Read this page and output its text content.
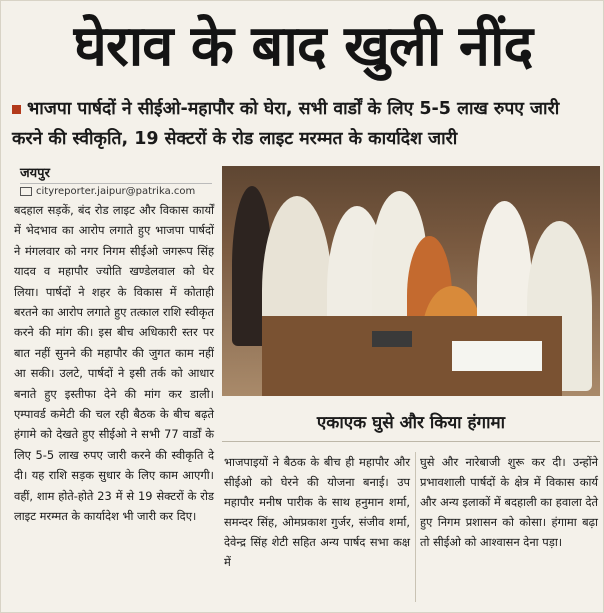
घेराव के बाद खुली नींद
भाजपा पार्षदों ने सीईओ-महापौर को घेरा, सभी वार्डों के लिए 5-5 लाख रुपए जारी करने की स्वीकृति, 19 सेक्टरों के रोड लाइट मरम्मत के कार्यादेश जारी
जयपुर
cityreporter.jaipur@patrika.com

बदहाल सड़कें, बंद रोड लाइट और विकास कार्यों में भेदभाव का आरोप लगाते हुए भाजपा पार्षदों ने मंगलवार को नगर निगम सीईओ जगरूप सिंह यादव व महापौर ज्योति खण्डेलवाल को घेर लिया। पार्षदों ने शहर के विकास में कोताही बरतने का आरोप लगाते हुए तत्काल राशि स्वीकृत करने की मांग की। इस बीच अधिकारी स्तर पर बात नहीं सुनने की महापौर की जुगत काम नहीं आ सकी। उलटे, पार्षदों ने इसी तर्क को आधार बनाते हुए इस्तीफा देने की मांग कर डाली। एम्पावर्ड कमेटी की चल रही बैठक के बीच बढ़ते हंगामे को देखते हुए सीईओ ने सभी 77 वार्डों के लिए 5-5 लाख रुपए जारी करने की स्वीकृति दे दी। यह राशि सड़क सुधार के लिए काम आएगी। वहीं, शाम होते-होते 23 में से 19 सेक्टरों के रोड लाइट मरम्मत के कार्यादेश भी जारी कर दिए।

एकाएक घुसे और किया हंगामा
भाजपाइयों ने बैठक के बीच ही महापौर और सीईओ को घेरने की योजना बनाई। उप महापौर मनीष पारीक के साथ हनुमान शर्मा, समन्दर सिंह, ओमप्रकाश गुर्जर, संजीव शर्मा, देवेन्द्र सिंह शेटी सहित अन्य पार्षद सभा कक्ष में
घुसे और नारेबाजी शुरू कर दी। उन्होंने प्रभावशाली पार्षदों के क्षेत्र में विकास कार्य और अन्य इलाकों में बदहाली का हवाला देते हुए निगम प्रशासन को कोसा। हंगामा बढ़ा तो सीईओ को आश्वासन देना पड़ा।
